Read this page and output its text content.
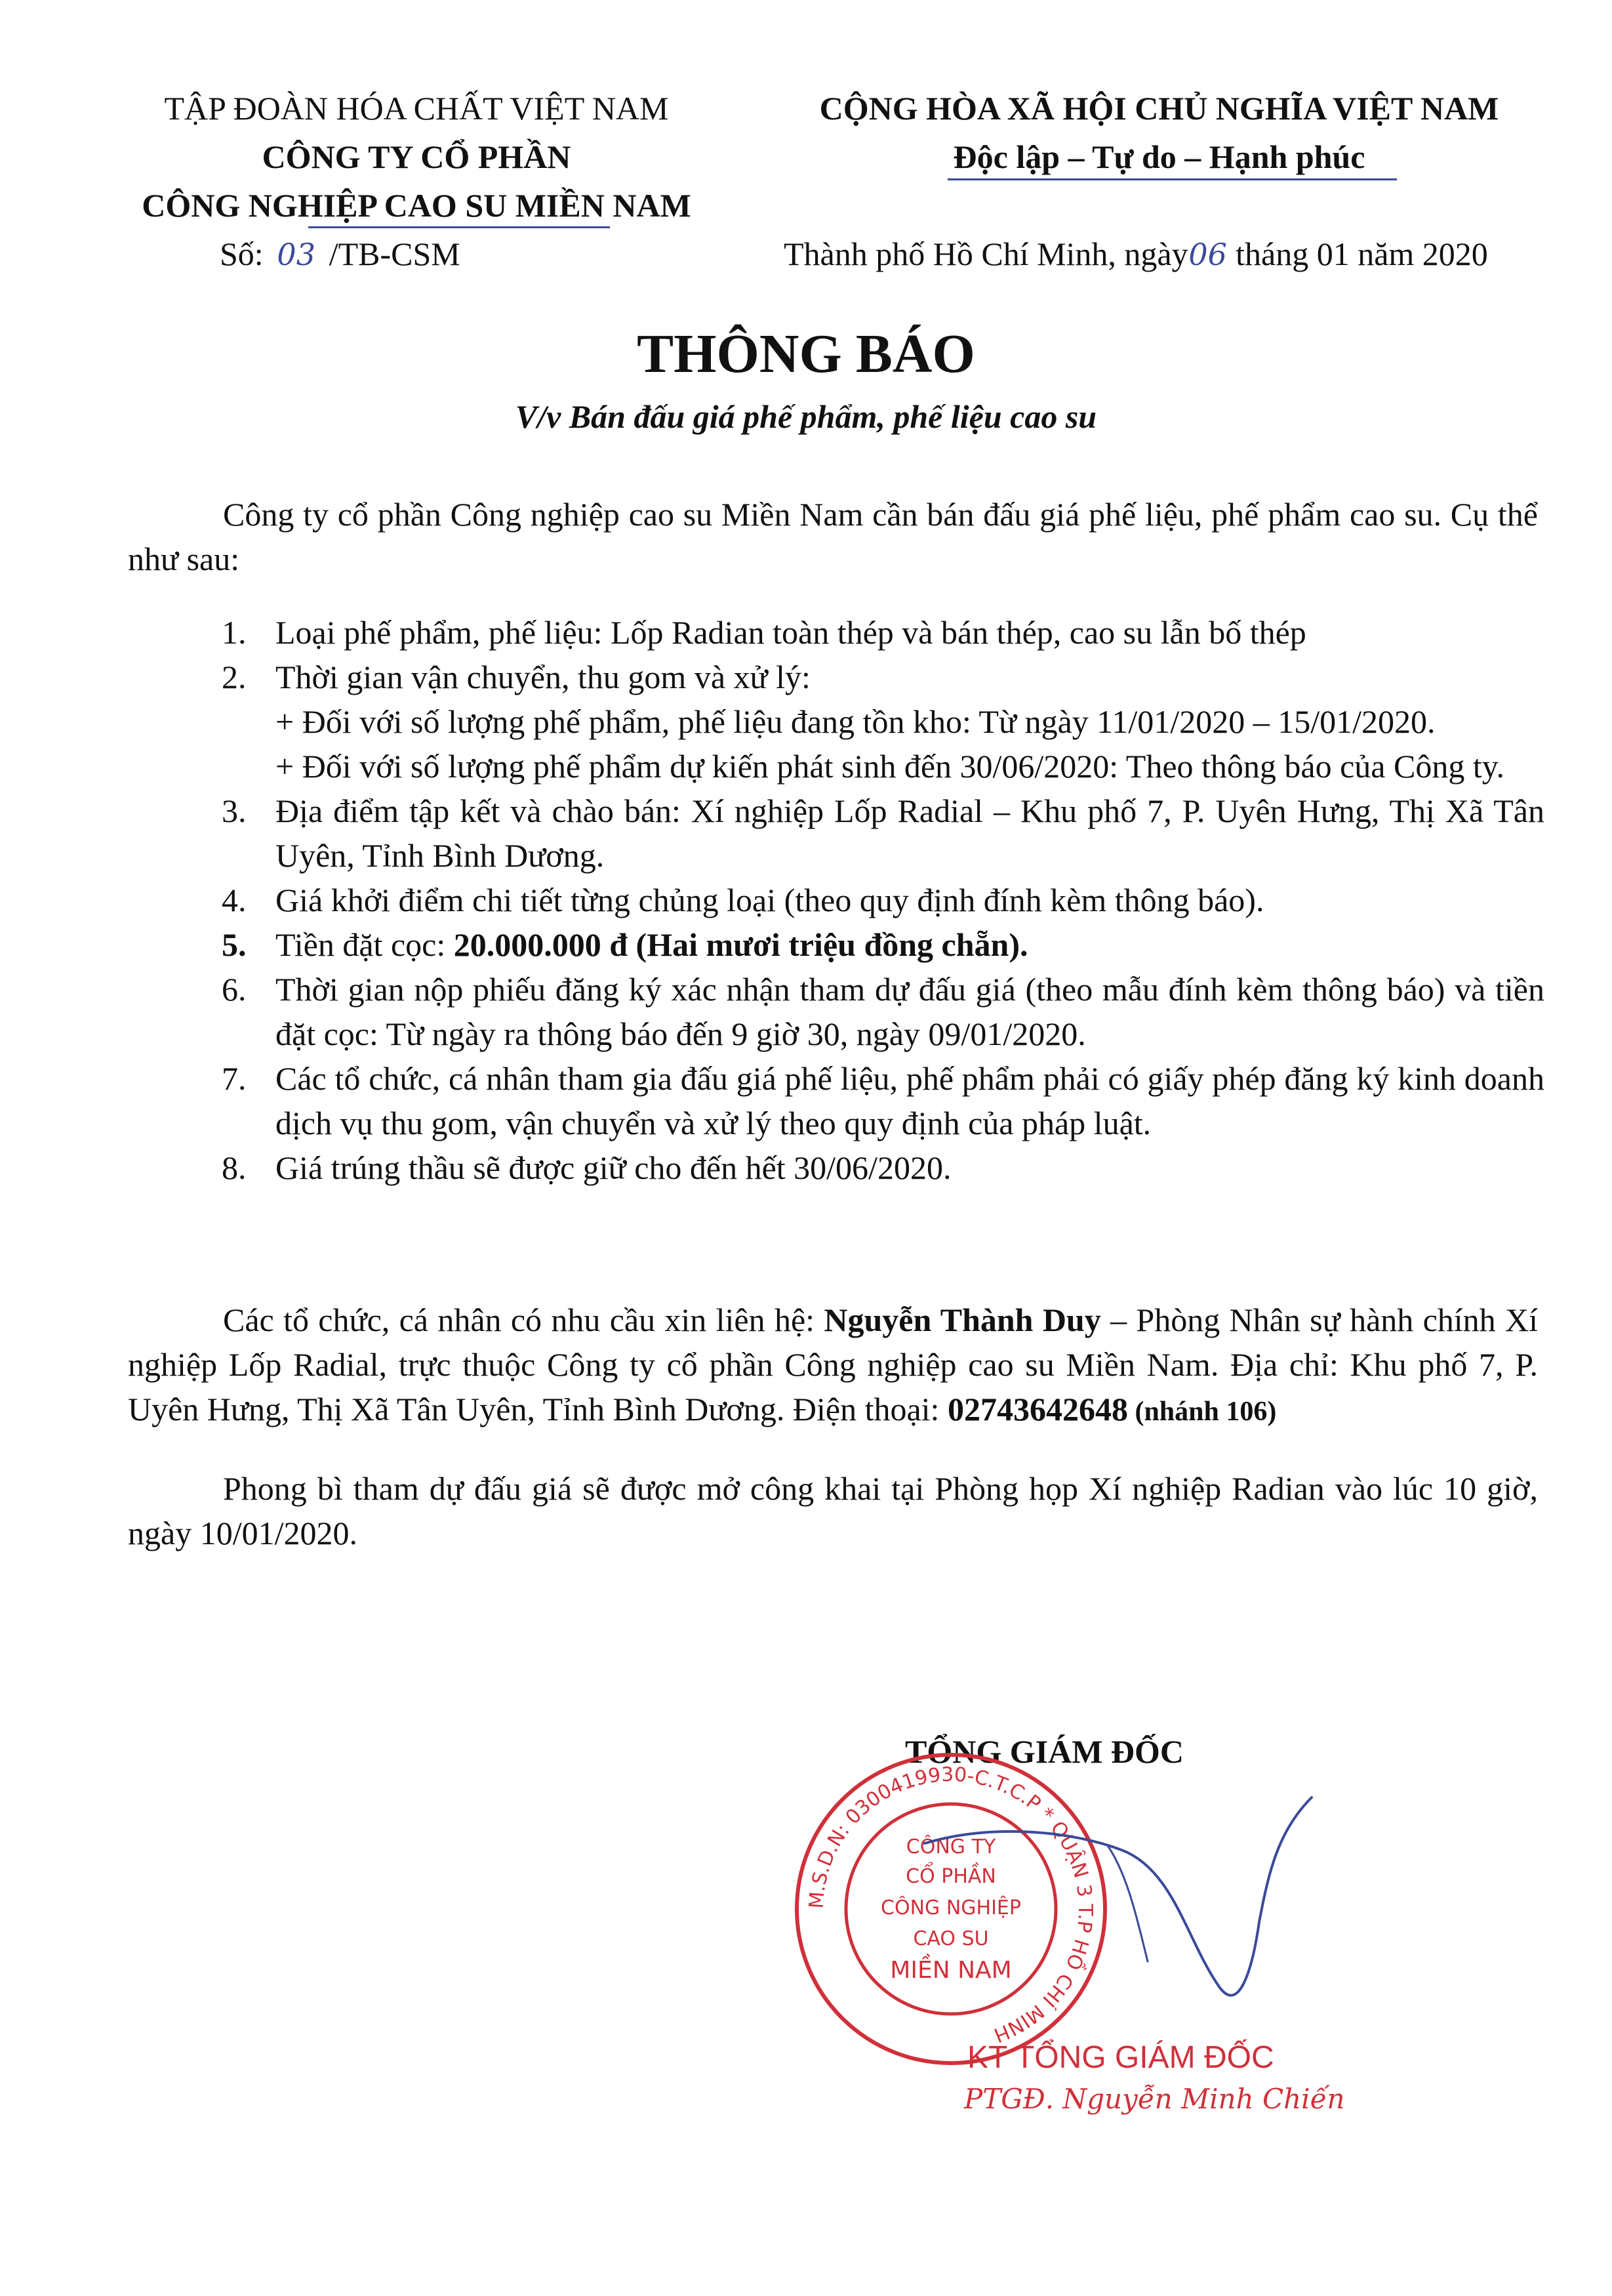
TẬP ĐOÀN HÓA CHẤT VIỆT NAM
CÔNG TY CỔ PHẦN
CÔNG NGHIỆP CAO SU MIỀN NAM
Số: 03 /TB-CSM
CỘNG HÒA XÃ HỘI CHỦ NGHĨA VIỆT NAM
Độc lập – Tự do – Hạnh phúc
Thành phố Hồ Chí Minh, ngày06 tháng 01 năm 2020
THÔNG BÁO
V/v Bán đấu giá phế phẩm, phế liệu cao su
Công ty cổ phần Công nghiệp cao su Miền Nam cần bán đấu giá phế liệu, phế phẩm cao su. Cụ thể như sau:
1. Loại phế phẩm, phế liệu: Lốp Radian toàn thép và bán thép, cao su lẫn bố thép
2. Thời gian vận chuyển, thu gom và xử lý:
+ Đối với số lượng phế phẩm, phế liệu đang tồn kho: Từ ngày 11/01/2020 – 15/01/2020.
+ Đối với số lượng phế phẩm dự kiến phát sinh đến 30/06/2020: Theo thông báo của Công ty.
3. Địa điểm tập kết và chào bán: Xí nghiệp Lốp Radial – Khu phố 7, P. Uyên Hưng, Thị Xã Tân Uyên, Tỉnh Bình Dương.
4. Giá khởi điểm chi tiết từng chủng loại (theo quy định đính kèm thông báo).
5. Tiền đặt cọc: 20.000.000 đ (Hai mươi triệu đồng chẵn).
6. Thời gian nộp phiếu đăng ký xác nhận tham dự đấu giá (theo mẫu đính kèm thông báo) và tiền đặt cọc: Từ ngày ra thông báo đến 9 giờ 30, ngày 09/01/2020.
7. Các tổ chức, cá nhân tham gia đấu giá phế liệu, phế phẩm phải có giấy phép đăng ký kinh doanh dịch vụ thu gom, vận chuyển và xử lý theo quy định của pháp luật.
8. Giá trúng thầu sẽ được giữ cho đến hết 30/06/2020.
Các tổ chức, cá nhân có nhu cầu xin liên hệ: Nguyễn Thành Duy – Phòng Nhân sự hành chính Xí nghiệp Lốp Radial, trực thuộc Công ty cổ phần Công nghiệp cao su Miền Nam. Địa chỉ: Khu phố 7, P. Uyên Hưng, Thị Xã Tân Uyên, Tỉnh Bình Dương. Điện thoại: 02743642648 (nhánh 106)
Phong bì tham dự đấu giá sẽ được mở công khai tại Phòng họp Xí nghiệp Radian vào lúc 10 giờ, ngày 10/01/2020.
TỔNG GIÁM ĐỐC
M.S.D.N: 0300419930-C.T.C.P * QUẬN 3 T.P HỒ CHÍ MINH
CÔNG TY
CỔ PHẦN
CÔNG NGHIỆP
CAO SU
MIỀN NAM
KT TỔNG GIÁM ĐỐC
PTGĐ. Nguyễn Minh Chiến
